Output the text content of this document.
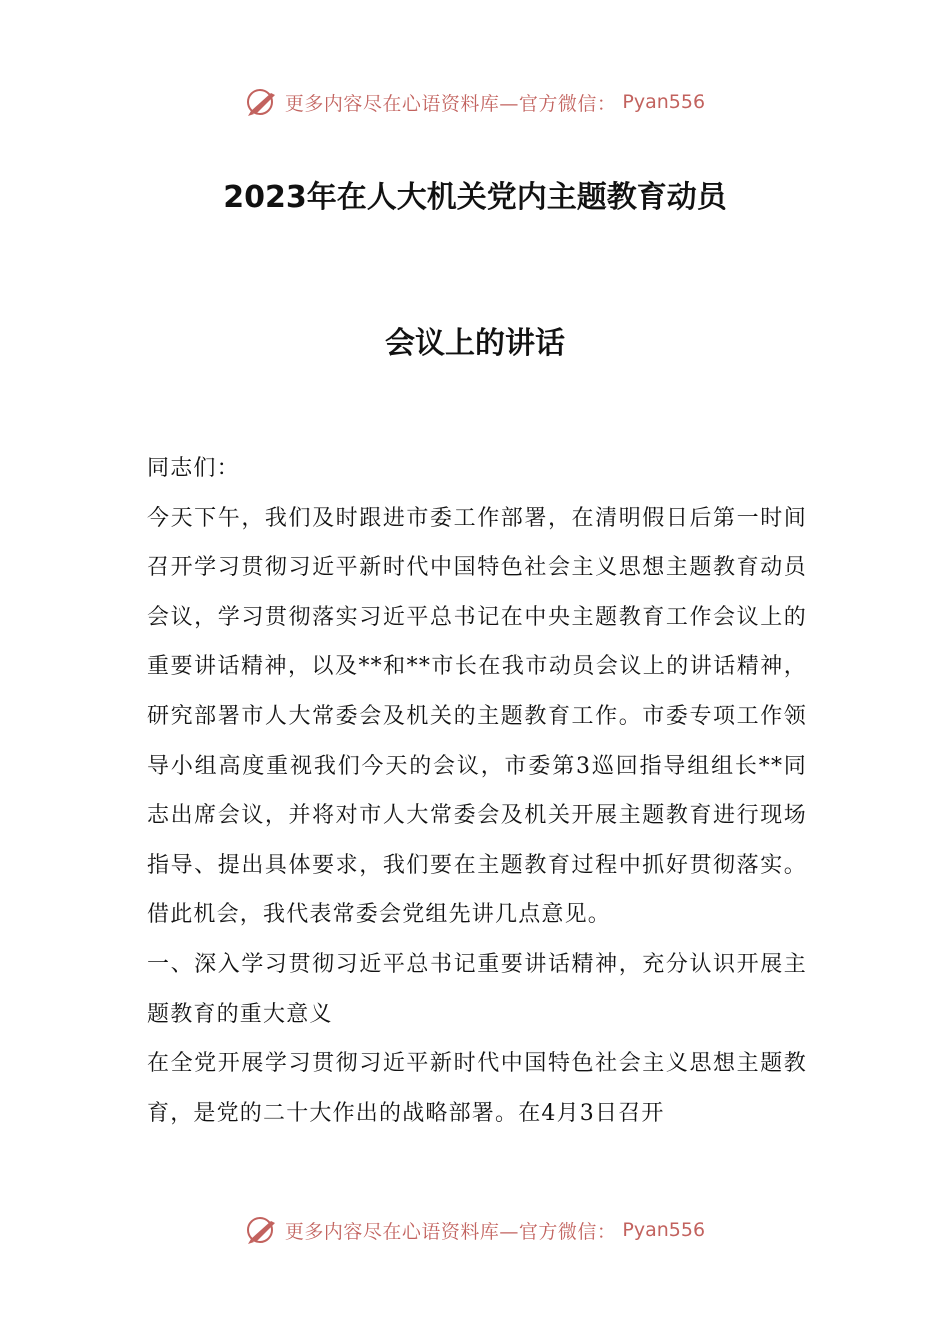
更多内容尽在心语资料库—官方微信： Pyan556
2023年在人大机关党内主题教育动员
会议上的讲话

同志们：

今天下午，我们及时跟进市委工作部署，在清明假日后第一时间召开学习贯彻习近平新时代中国特色社会主义思想主题教育动员会议，学习贯彻落实习近平总书记在中央主题教育工作会议上的重要讲话精神，以及**和**市长在我市动员会议上的讲话精神，研究部署市人大常委会及机关的主题教育工作。市委专项工作领导小组高度重视我们今天的会议，市委第3巡回指导组组长**同志出席会议，并将对市人大常委会及机关开展主题教育进行现场指导、提出具体要求，我们要在主题教育过程中抓好贯彻落实。借此机会，我代表常委会党组先讲几点意见。

一、深入学习贯彻习近平总书记重要讲话精神，充分认识开展主题教育的重大意义

在全党开展学习贯彻习近平新时代中国特色社会主义思想主题教育，是党的二十大作出的战略部署。在4月3日召开

更多内容尽在心语资料库—官方微信： Pyan556
